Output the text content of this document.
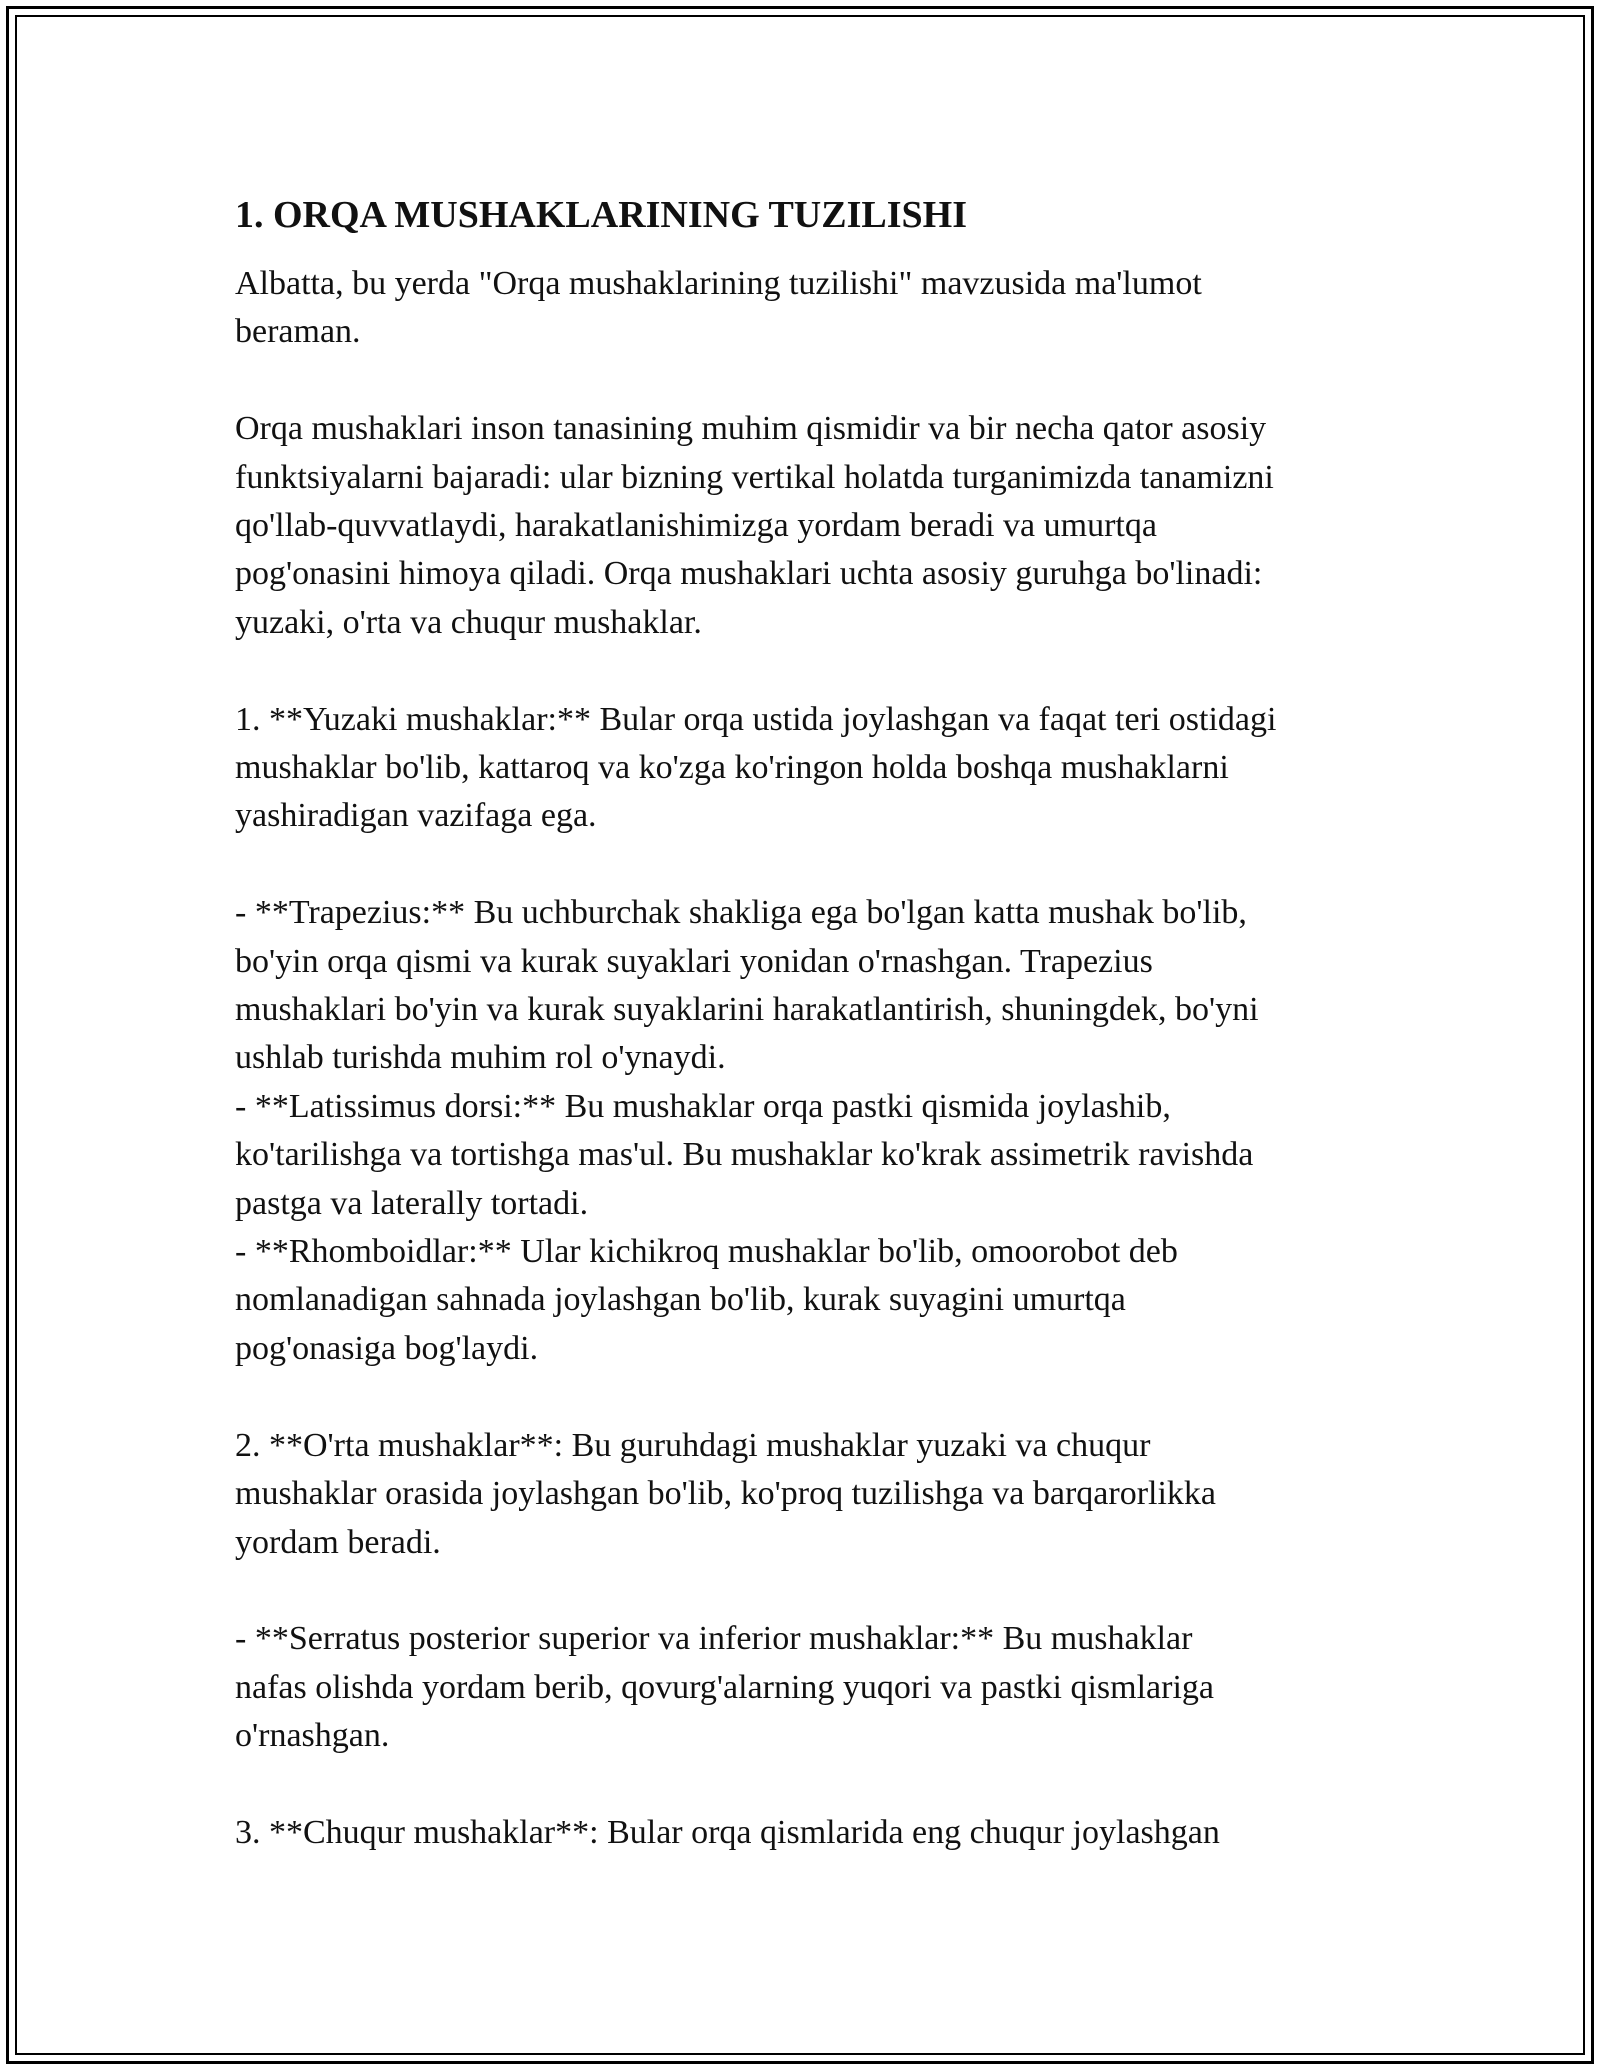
1. ORQA MUSHAKLARINING TUZILISHI

Albatta, bu yerda "Orqa mushaklarining tuzilishi" mavzusida ma'lumot
beraman.

Orqa mushaklari inson tanasining muhim qismidir va bir necha qator asosiy
funktsiyalarni bajaradi: ular bizning vertikal holatda turganimizda tanamizni
qo'llab-quvvatlaydi, harakatlanishimizga yordam beradi va umurtqa
pog'onasini himoya qiladi. Orqa mushaklari uchta asosiy guruhga bo'linadi:
yuzaki, o'rta va chuqur mushaklar.

1. **Yuzaki mushaklar:** Bular orqa ustida joylashgan va faqat teri ostidagi
mushaklar bo'lib, kattaroq va ko'zga ko'ringon holda boshqa mushaklarni
yashiradigan vazifaga ega.

- **Trapezius:** Bu uchburchak shakliga ega bo'lgan katta mushak bo'lib,
bo'yin orqa qismi va kurak suyaklari yonidan o'rnashgan. Trapezius
mushaklari bo'yin va kurak suyaklarini harakatlantirish, shuningdek, bo'yni
ushlab turishda muhim rol o'ynaydi.
- **Latissimus dorsi:** Bu mushaklar orqa pastki qismida joylashib,
ko'tarilishga va tortishga mas'ul. Bu mushaklar ko'krak assimetrik ravishda
pastga va laterally tortadi.
- **Rhomboidlar:** Ular kichikroq mushaklar bo'lib, omoorobot deb
nomlanadigan sahnada joylashgan bo'lib, kurak suyagini umurtqa
pog'onasiga bog'laydi.

2. **O'rta mushaklar**: Bu guruhdagi mushaklar yuzaki va chuqur
mushaklar orasida joylashgan bo'lib, ko'proq tuzilishga va barqarorlikka
yordam beradi.

- **Serratus posterior superior va inferior mushaklar:** Bu mushaklar
nafas olishda yordam berib, qovurg'alarning yuqori va pastki qismlariga
o'rnashgan.

3. **Chuqur mushaklar**: Bular orqa qismlarida eng chuqur joylashgan
